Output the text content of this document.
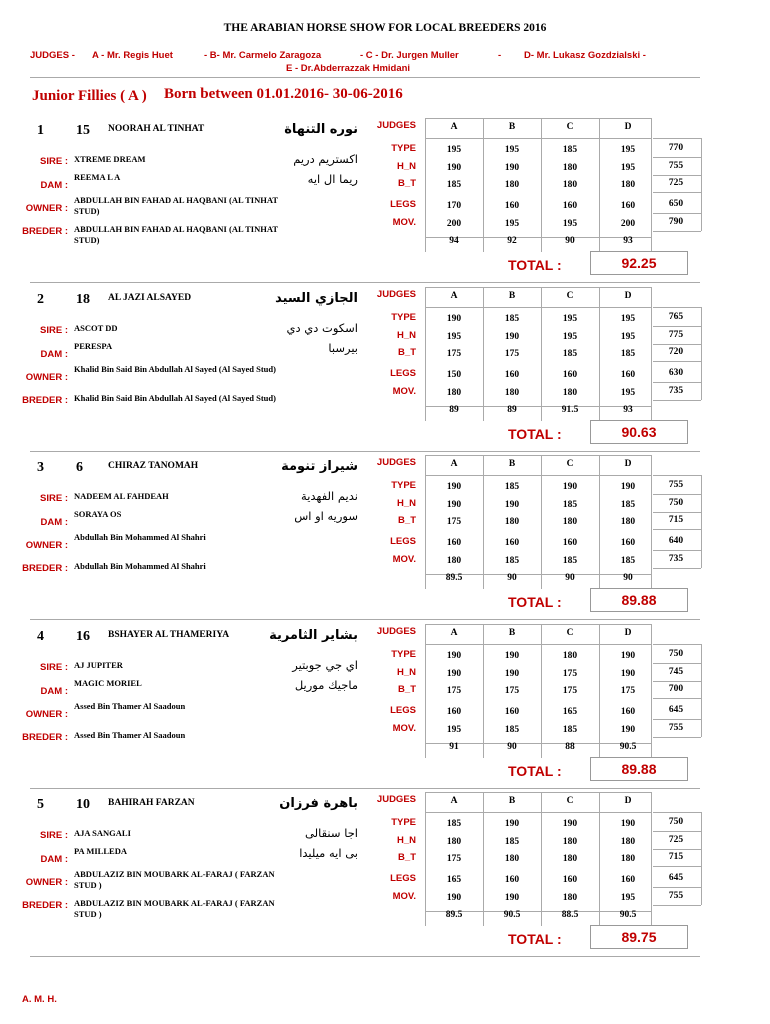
THE ARABIAN HORSE SHOW FOR LOCAL BREEDERS 2016
JUDGES - A - Mr. Regis Huet	- B- Mr. Carmelo Zaragoza	- C - Dr. Jurgen Muller	- D- Mr. Lukasz Gozdzialski -
E - Dr.Abderrazzak Hmidani
Junior Fillies ( A ) Born between 01.01.2016- 30-06-2016
1 15 NOORAH AL TINHAT	نوره التنهاة
SIRE : XTREME DREAM	اكستريم دريم
DAM :
REEMA L A	ريما ال ايه
OWNER :
ABDULLAH BIN FAHAD AL HAQBANI (AL TINHAT STUD)
BREDER : ABDULLAH BIN FAHAD AL HAQBANI (AL TINHAT STUD)
JUDGES	A	B	C	D
TYPE	195	195	185	195	770
H_N	190	190	180	195	755
B_T	185	180	180	180	725
LEGS	170	160	160	160	650
MOV.	200	195	195	200	790
94	92	90	93
TOTAL :	92.25
2 18 AL JAZI ALSAYED	الجازي السيد
SIRE : ASCOT DD	اسكوت دي دي
DAM :
PERESPA	بيرسبا
OWNER :
Khalid Bin Said Bin Abdullah Al Sayed (Al Sayed Stud)
BREDER : Khalid Bin Said Bin Abdullah Al Sayed (Al Sayed Stud)
JUDGES	A	B	C	D
TYPE	190	185	195	195	765
H_N	195	190	195	195	775
B_T	175	175	185	185	720
LEGS	150	160	160	160	630
MOV.	180	180	180	195	735
89	89	91.5	93
TOTAL :	90.63
3 6	CHIRAZ TANOMAH	شيراز تنومة
SIRE : NADEEM AL FAHDEAH	نديم الفهدية
DAM :
SORAYA OS	سوريه او اس
OWNER :
Abdullah Bin Mohammed Al Shahri
BREDER : Abdullah Bin Mohammed Al Shahri
JUDGES	A	B	C	D
TYPE	190	185	190	190	755
H_N	190	190	185	185	750
B_T	175	180	180	180	715
LEGS	160	160	160	160	640
MOV.	180	185	185	185	735
89.5	90	90	90
TOTAL :	89.88
4 16 BSHAYER AL THAMERIYA	بشاير الثامرية
SIRE : AJ JUPITER	اي جي جوبتير
DAM :
MAGIC MORIEL	ماجيك موريل
OWNER :
Assed Bin Thamer Al Saadoun
BREDER : Assed Bin Thamer Al Saadoun
JUDGES	A	B	C	D
TYPE	190	190	180	190	750
H_N	190	190	175	190	745
B_T	175	175	175	175	700
LEGS	160	160	165	160	645
MOV.	195	185	185	190	755
91	90	88	90.5
TOTAL :	89.88
5 10 BAHIRAH FARZAN	باهرة فرزان
SIRE : AJA SANGALI	اجا سنقالى
DAM :
PA MILLEDA	بى ايه ميليدا
OWNER :
ABDULAZIZ BIN MOUBARK AL-FARAJ ( FARZAN STUD )
BREDER : ABDULAZIZ BIN MOUBARK AL-FARAJ ( FARZAN STUD )
JUDGES	A	B	C	D
TYPE	185	190	190	190	750
H_N	180	185	180	180	725
B_T	175	180	180	180	715
LEGS	165	160	160	160	645
MOV.	190	190	180	195	755
89.5	90.5	88.5	90.5
TOTAL :	89.75
A. M. H.
